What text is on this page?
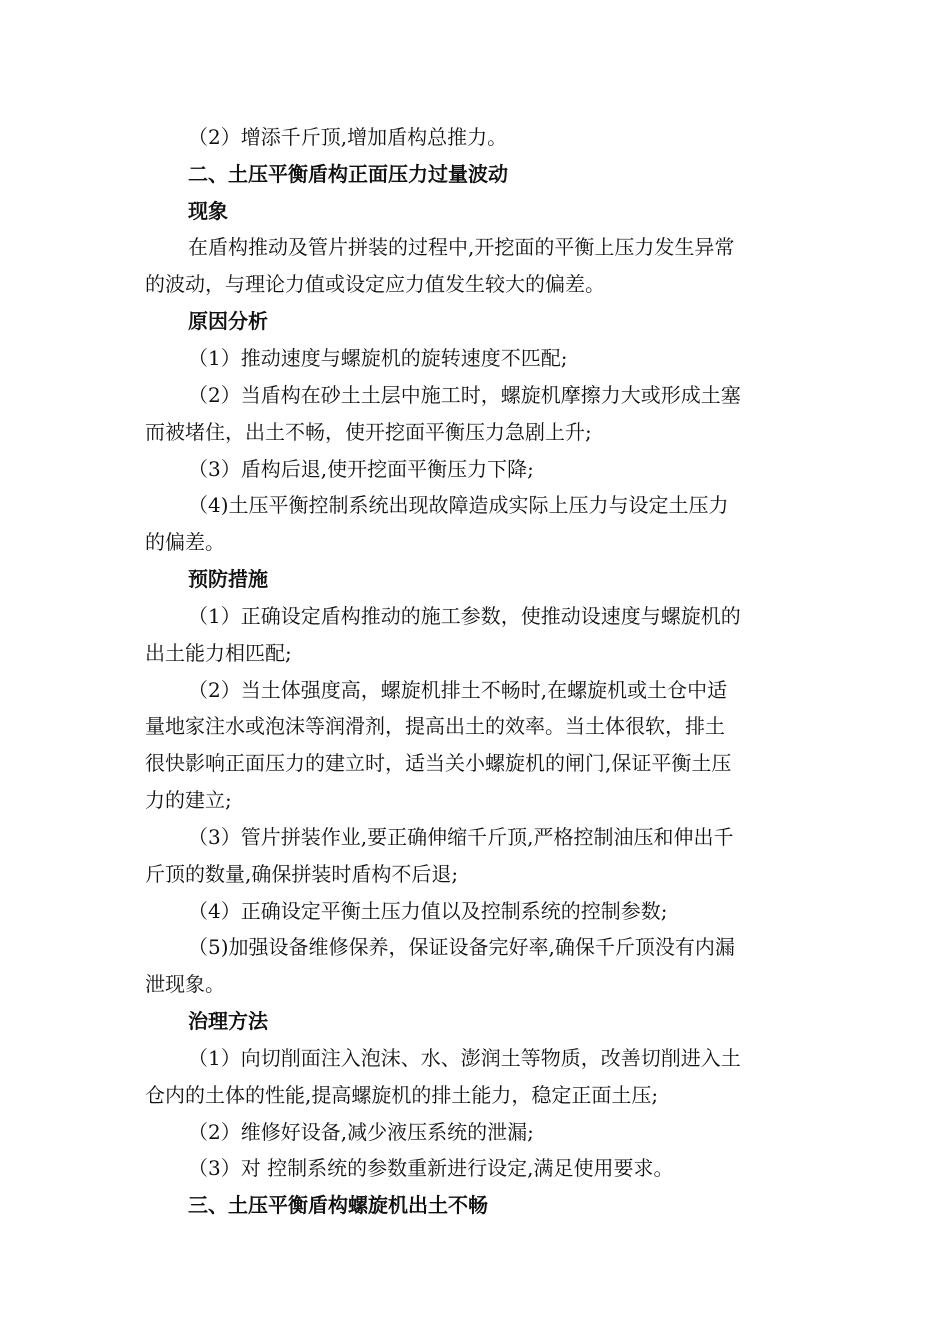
（2）增添千斤顶,增加盾构总推力。
二、土压平衡盾构正面压力过量波动
现象
在盾构推动及管片拼装的过程中,开挖面的平衡上压力发生异常
的波动，与理论力值或设定应力值发生较大的偏差。
原因分析
（1）推动速度与螺旋机的旋转速度不匹配;
（2）当盾构在砂土土层中施工时，螺旋机摩擦力大或形成土塞
而被堵住，出土不畅，使开挖面平衡压力急剧上升;
（3）盾构后退,使开挖面平衡压力下降;
（4)土压平衡控制系统出现故障造成实际上压力与设定土压力
的偏差。
预防措施
（1）正确设定盾构推动的施工参数，使推动设速度与螺旋机的
出土能力相匹配;
（2）当土体强度高，螺旋机排土不畅时,在螺旋机或土仓中适
量地家注水或泡沫等润滑剂，提高出土的效率。当土体很软，排土
很快影响正面压力的建立时，适当关小螺旋机的闸门,保证平衡土压
力的建立;
（3）管片拼装作业,要正确伸缩千斤顶,严格控制油压和伸出千
斤顶的数量,确保拼装时盾构不后退;
（4）正确设定平衡土压力值以及控制系统的控制参数;
（5)加强设备维修保养，保证设备完好率,确保千斤顶没有内漏
泄现象。
治理方法
（1）向切削面注入泡沫、水、澎润土等物质，改善切削进入土
仓内的土体的性能,提高螺旋机的排土能力，稳定正面土压;
（2）维修好设备,减少液压系统的泄漏;
（3）对 控制系统的参数重新进行设定,满足使用要求。
三、土压平衡盾构螺旋机出土不畅
